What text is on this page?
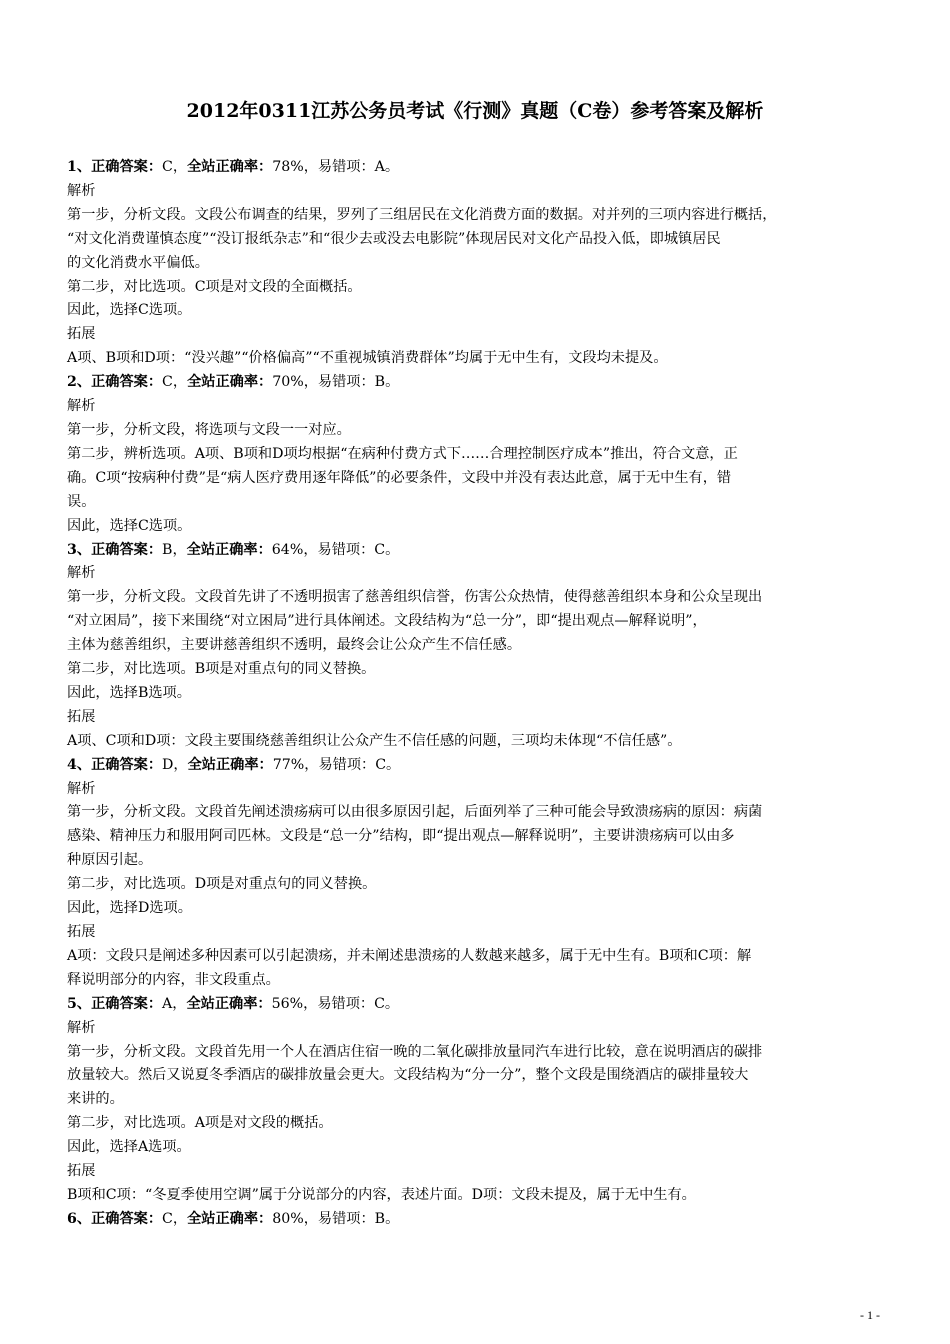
2012年0311江苏公务员考试《行测》真题（C卷）参考答案及解析

1、正确答案：C，全站正确率：78%，易错项：A。

解析

第一步，分析文段。文段公布调查的结果，罗列了三组居民在文化消费方面的数据。对并列的三项内容进行概括，

“对文化消费谨慎态度”“没订报纸杂志”和“很少去或没去电影院”体现居民对文化产品投入低，即城镇居民

的文化消费水平偏低。

第二步，对比选项。C项是对文段的全面概括。

因此，选择C选项。

拓展

A项、B项和D项：“没兴趣”“价格偏高”“不重视城镇消费群体”均属于无中生有，文段均未提及。

2、正确答案：C，全站正确率：70%，易错项：B。

解析

第一步，分析文段，将选项与文段一一对应。

第二步，辨析选项。A项、B项和D项均根据“在病种付费方式下……合理控制医疗成本”推出，符合文意，正

确。C项“按病种付费”是“病人医疗费用逐年降低”的必要条件，文段中并没有表达此意，属于无中生有，错

误。

因此，选择C选项。

3、正确答案：B，全站正确率：64%，易错项：C。

解析

第一步，分析文段。文段首先讲了不透明损害了慈善组织信誉，伤害公众热情，使得慈善组织本身和公众呈现出

“对立困局”，接下来围绕“对立困局”进行具体阐述。文段结构为“总一分”，即“提出观点—解释说明”，

主体为慈善组织，主要讲慈善组织不透明，最终会让公众产生不信任感。

第二步，对比选项。B项是对重点句的同义替换。

因此，选择B选项。

拓展

A项、C项和D项：文段主要围绕慈善组织让公众产生不信任感的问题，三项均未体现“不信任感”。

4、正确答案：D，全站正确率：77%，易错项：C。

解析

第一步，分析文段。文段首先阐述溃疡病可以由很多原因引起，后面列举了三种可能会导致溃疡病的原因：病菌

感染、精神压力和服用阿司匹林。文段是“总一分”结构，即“提出观点—解释说明”，主要讲溃疡病可以由多

种原因引起。

第二步，对比选项。D项是对重点句的同义替换。

因此，选择D选项。

拓展

A项：文段只是阐述多种因素可以引起溃疡，并未阐述患溃疡的人数越来越多，属于无中生有。B项和C项：解

释说明部分的内容，非文段重点。

5、正确答案：A，全站正确率：56%，易错项：C。

解析

第一步，分析文段。文段首先用一个人在酒店住宿一晚的二氧化碳排放量同汽车进行比较，意在说明酒店的碳排

放量较大。然后又说夏冬季酒店的碳排放量会更大。文段结构为“分一分”，整个文段是围绕酒店的碳排量较大

来讲的。

第二步，对比选项。A项是对文段的概括。

因此，选择A选项。

拓展

B项和C项：“冬夏季使用空调”属于分说部分的内容，表述片面。D项：文段未提及，属于无中生有。

6、正确答案：C，全站正确率：80%，易错项：B。

- 1 -
